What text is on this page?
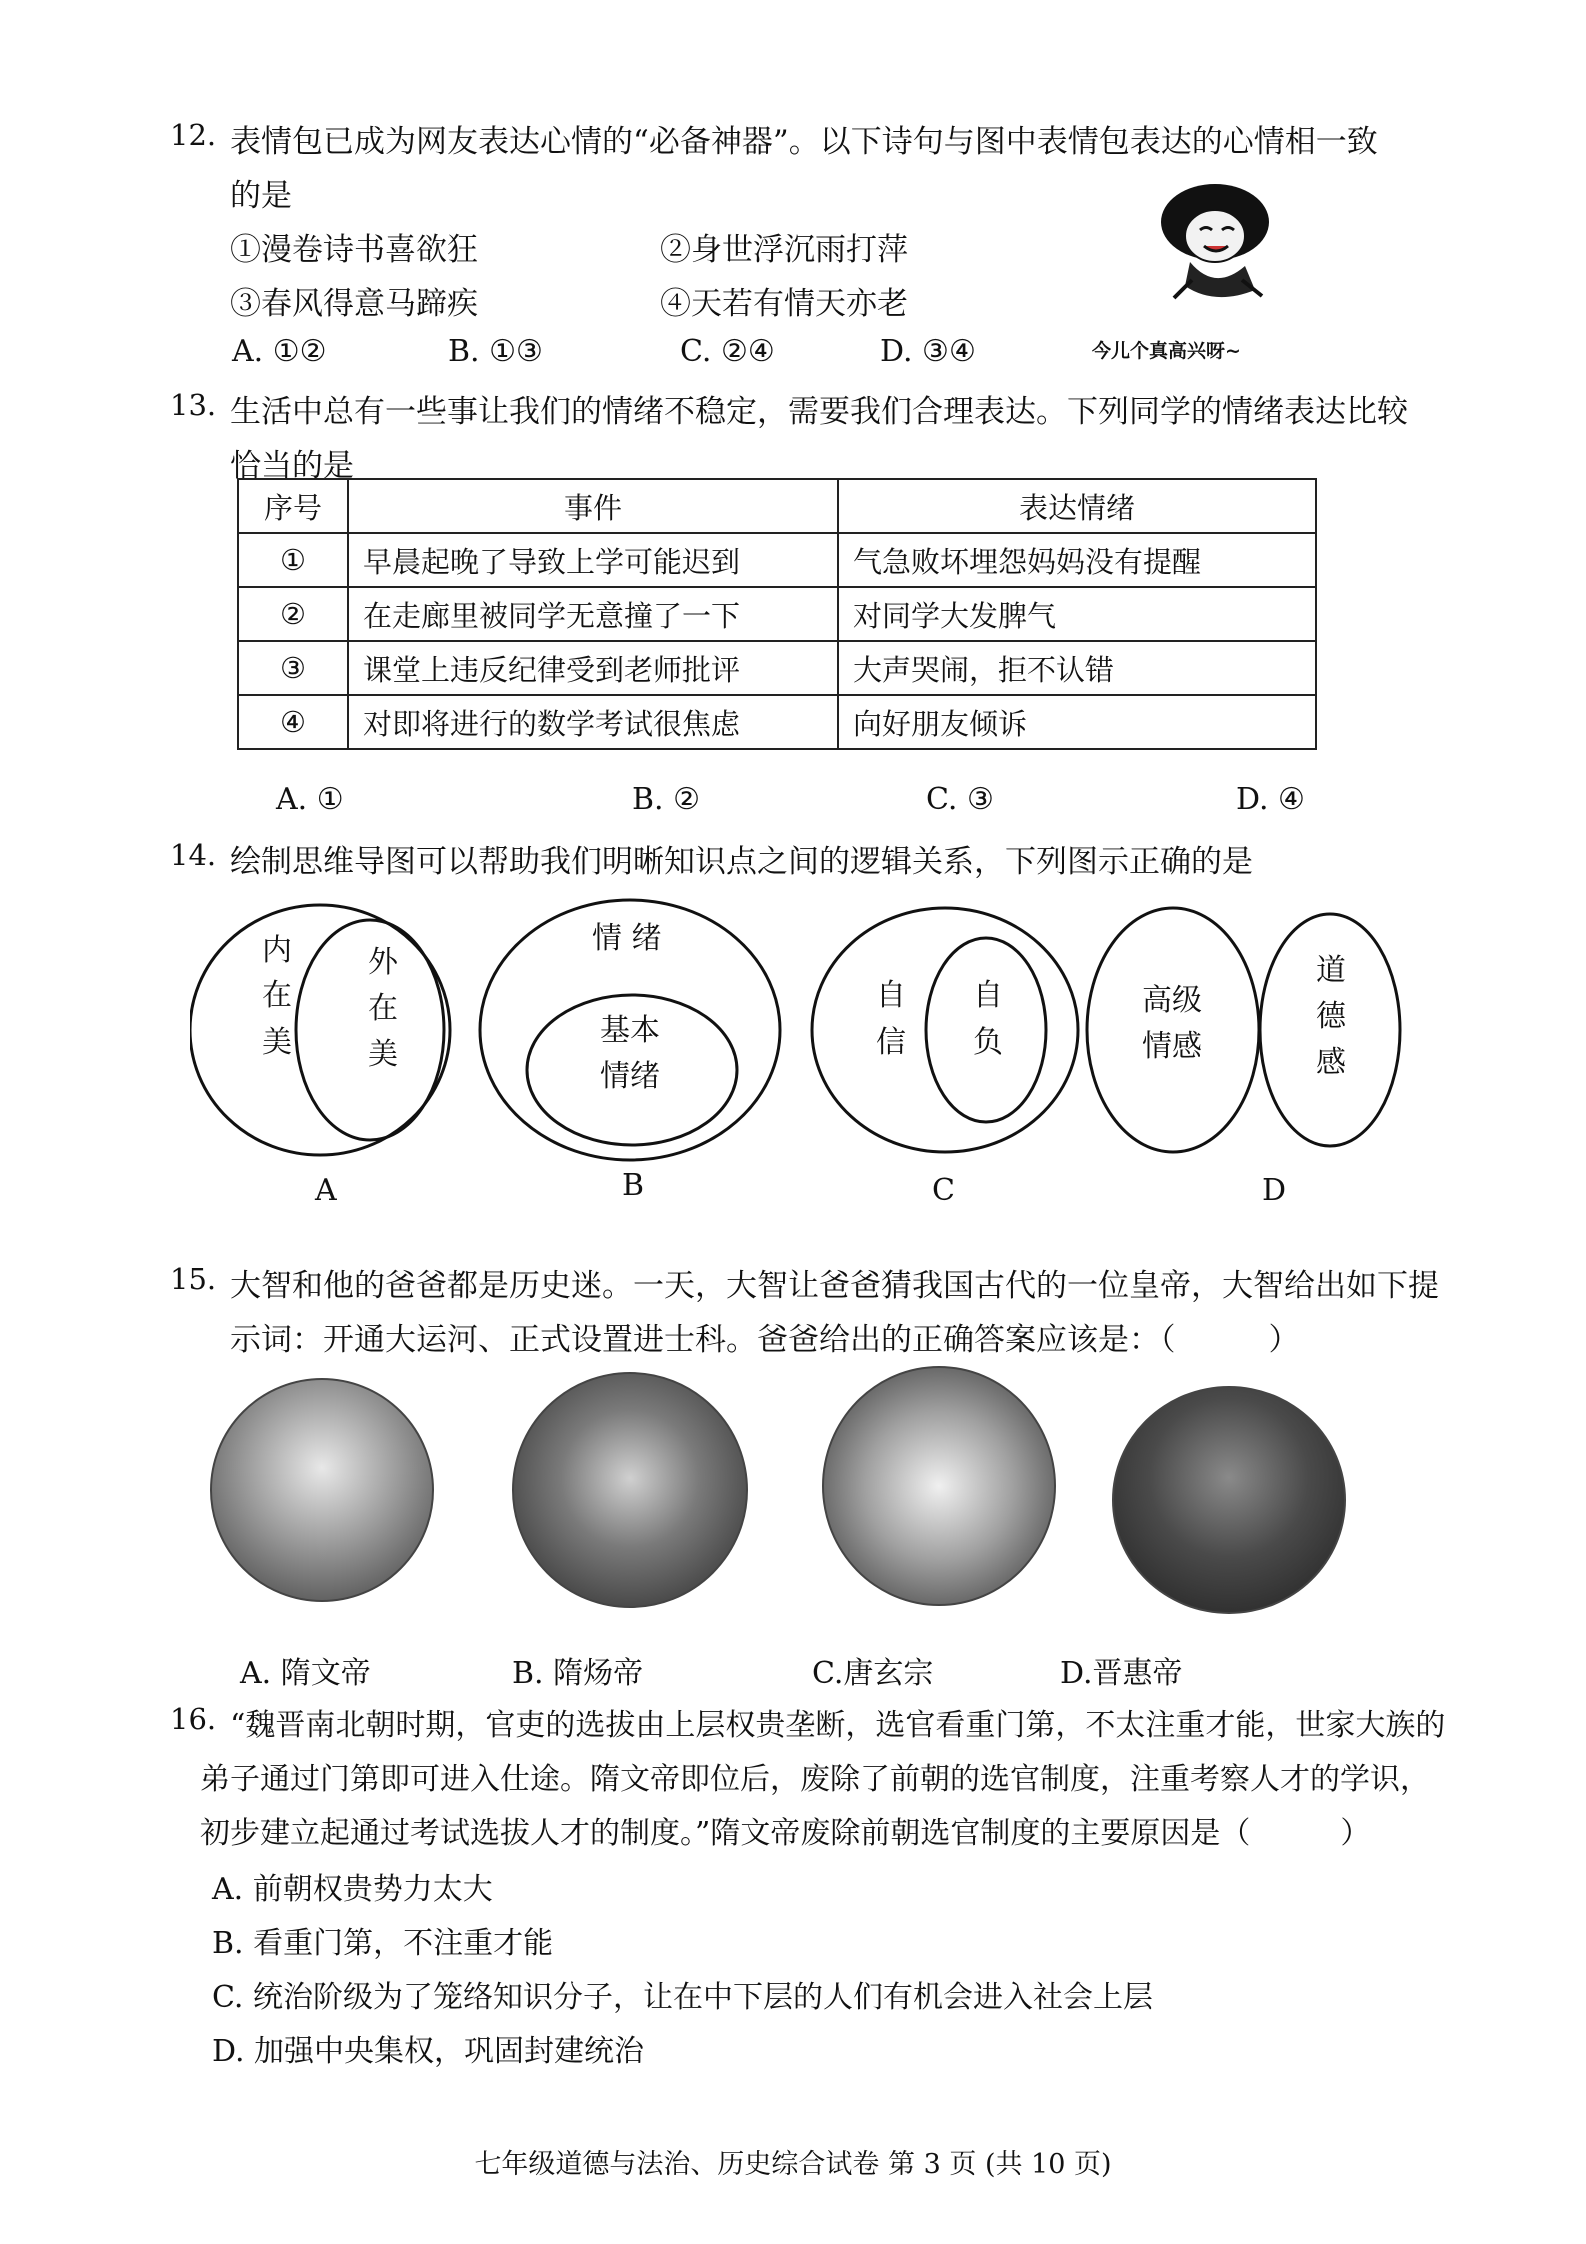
12. 表情包已成为网友表达心情的“必备神器”。以下诗句与图中表情包表达的心情相一致
的是
①漫卷诗书喜欲狂	②身世浮沉雨打萍
③春风得意马蹄疾	④天若有情天亦老
A. ①②	B. ①③	C. ②④	D. ③④	今儿个真高兴呀~
13. 生活中总有一些事让我们的情绪不稳定，需要我们合理表达。下列同学的情绪表达比较
恰当的是
序号	事件	表达情绪
①	早晨起晚了导致上学可能迟到	气急败坏埋怨妈妈没有提醒
②	在走廊里被同学无意撞了一下	对同学大发脾气
③	课堂上违反纪律受到老师批评	大声哭闹，拒不认错
④	对即将进行的数学考试很焦虑	向好朋友倾诉
A. ①	B. ②	C. ③	D. ④
14. 绘制思维导图可以帮助我们明晰知识点之间的逻辑关系，下列图示正确的是
内
在
美
外
在
美
A
情 绪
基本
情绪
B
自
信
自
负
C
高级
情感
道
德
感
D
15. 大智和他的爸爸都是历史迷。一天，大智让爸爸猜我国古代的一位皇帝，大智给出如下提
示词：开通大运河、正式设置进士科。爸爸给出的正确答案应该是：（　　　）
A. 隋文帝	B. 隋炀帝	C.唐玄宗	D.晋惠帝
16. “魏晋南北朝时期，官吏的选拔由上层权贵垄断，选官看重门第，不太注重才能，世家大族的
弟子通过门第即可进入仕途。隋文帝即位后，废除了前朝的选官制度，注重考察人才的学识，
初步建立起通过考试选拔人才的制度。”隋文帝废除前朝选官制度的主要原因是（　　　）
A. 前朝权贵势力太大
B. 看重门第，不注重才能
C. 统治阶级为了笼络知识分子，让在中下层的人们有机会进入社会上层
D. 加强中央集权，巩固封建统治
七年级道德与法治、历史综合试卷 第 3 页 (共 10 页)
